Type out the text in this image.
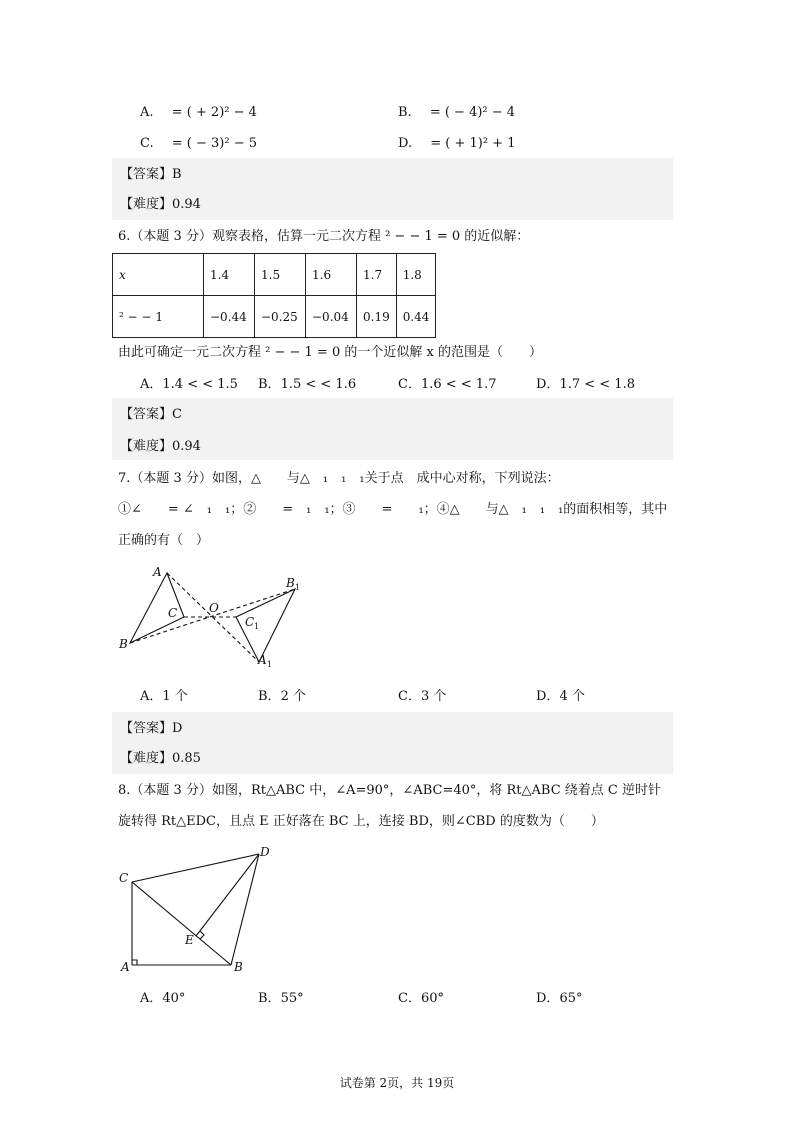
A. = ( + 2)² − 4	B. = ( − 4)² − 4
C. = ( − 3)² − 5	D. = ( + 1)² + 1
【答案】B
【难度】0.94
6.（本题 3 分）观察表格，估算一元二次方程 ² − − 1 = 0 的近似解：
x	1.4	1.5	1.6	1.7	1.8
² − − 1	−0.44	−0.25	−0.04	0.19	0.44
由此可确定一元二次方程 ² − − 1 = 0 的一个近似解 x 的范围是（　　）
A．1.4 < < 1.5 B．1.5 < < 1.6	C．1.6 < < 1.7	D．1.7 < < 1.8
【答案】C
【难度】0.94
7.（本题 3 分）如图，△　　与△　₁　₁　₁关于点　成中心对称，下列说法：
①∠　　= ∠　₁　₁；②　　=　₁　₁；③　　=　　₁；④△　　与△　₁　₁　₁的面积相等，其中
正确的有（　）
A
B
C	O
B 1
C 1
A 1
A．1 个	B．2 个	C．3 个	D．4 个
【答案】D
【难度】0.85
8.（本题 3 分）如图，Rt△ABC 中，∠A=90°，∠ABC=40°，将 Rt△ABC 绕着点 C 逆时针
旋转得 Rt△EDC，且点 E 正好落在 BC 上，连接 BD，则∠CBD 的度数为（　　）
C
A	B
D
E
A．40°	B．55°	C．60°	D．65°
试卷第 2页，共 19页
